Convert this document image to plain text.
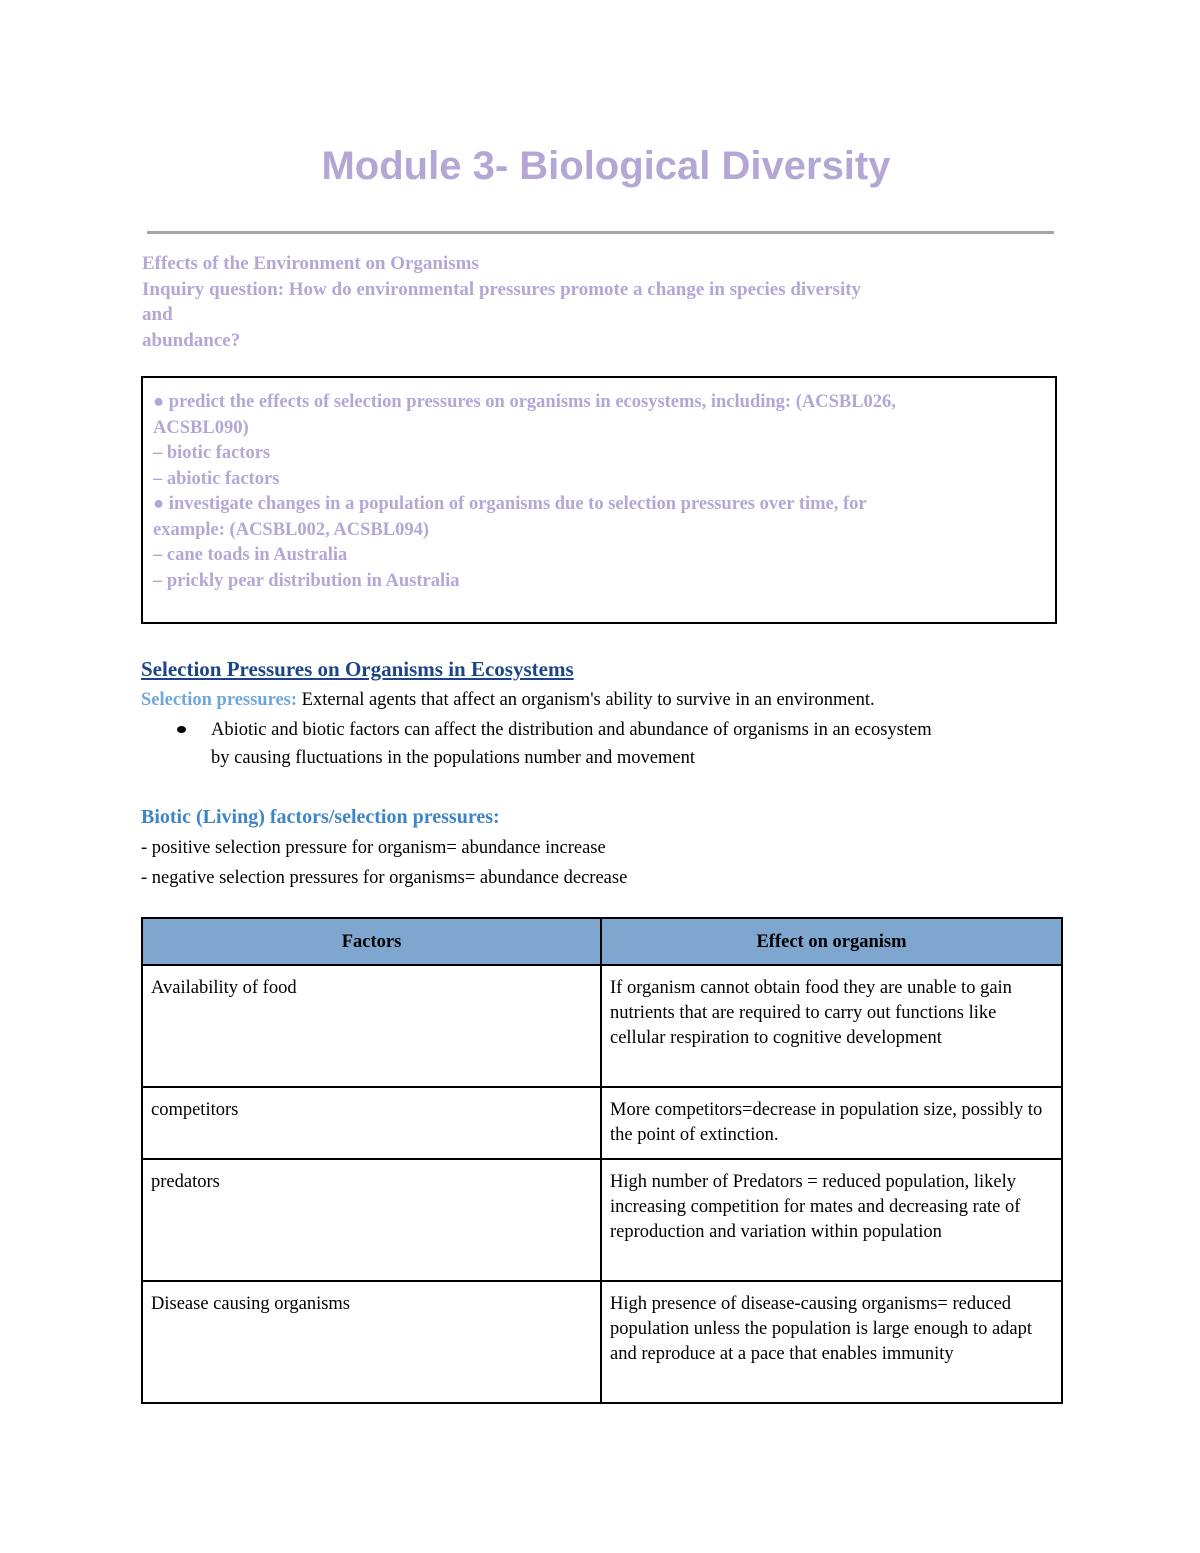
Module 3- Biological Diversity
Effects of the Environment on Organisms
Inquiry question: How do environmental pressures promote a change in species diversity
and
abundance?
● predict the effects of selection pressures on organisms in ecosystems, including: (ACSBL026,
ACSBL090)
– biotic factors
– abiotic factors
● investigate changes in a population of organisms due to selection pressures over time, for
example: (ACSBL002, ACSBL094)
– cane toads in Australia
– prickly pear distribution in Australia
Selection Pressures on Organisms in Ecosystems
Selection pressures: External agents that affect an organism's ability to survive in an environment.
Abiotic and biotic factors can affect the distribution and abundance of organisms in an ecosystem
by causing fluctuations in the populations number and movement
Biotic (Living) factors/selection pressures:
- positive selection pressure for organism= abundance increase
- negative selection pressures for organisms= abundance decrease
Factors	Effect on organism
Availability of food	If organism cannot obtain food they are unable to gain nutrients that are required to carry out functions like cellular respiration to cognitive development
competitors	More competitors=decrease in population size, possibly to the point of extinction.
predators	High number of Predators = reduced population, likely increasing competition for mates and decreasing rate of reproduction and variation within population
Disease causing organisms	High presence of disease-causing organisms= reduced population unless the population is large enough to adapt and reproduce at a pace that enables immunity
